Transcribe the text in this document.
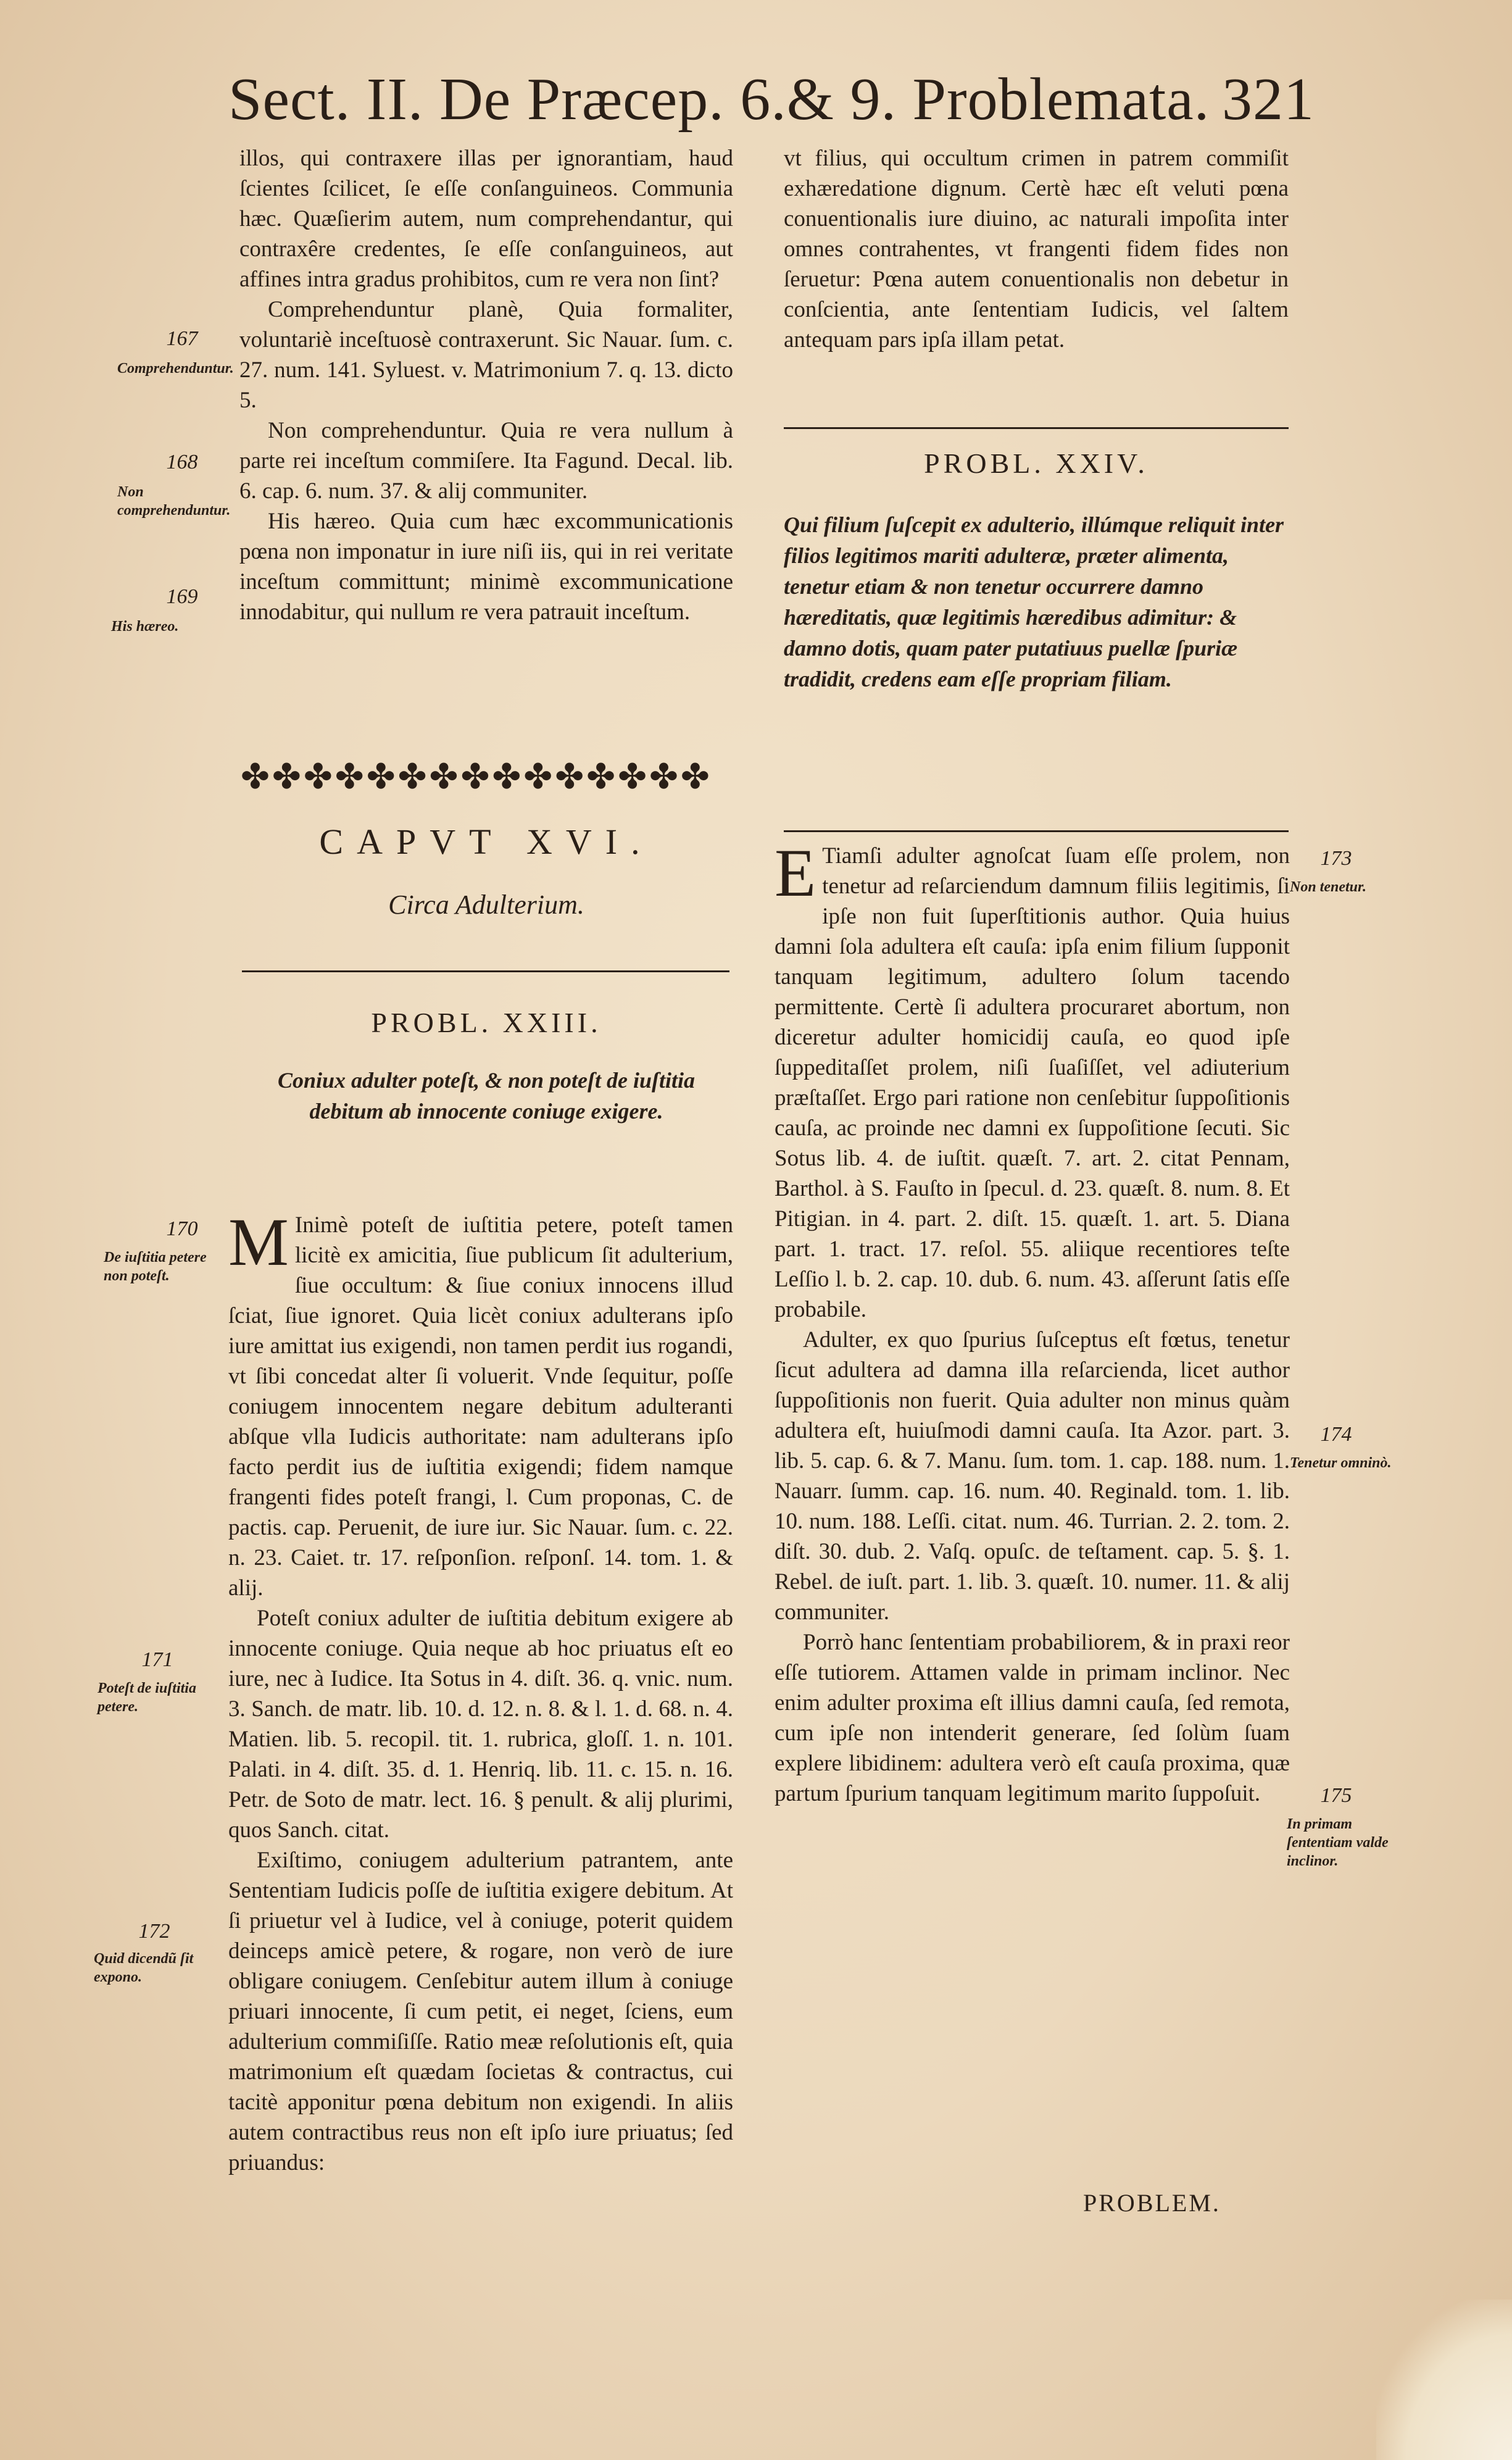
Sect. II. De Præcep. 6.& 9. Problemata. 321

illos, qui contraxere illas per ignorantiam, haud ſcientes ſcilicet, ſe eſſe conſanguineos. Communia hæc. Quæſierim autem, num comprehendantur, qui contraxêre credentes, ſe eſſe conſanguineos, aut affines intra gradus prohibitos, cum re vera non ſint?

Comprehenduntur planè, Quia formaliter, voluntariè inceſtuosè contraxerunt. Sic Nauar. ſum. c. 27. num. 141. Syluest. v. Matrimonium 7. q. 13. dicto 5.

Non comprehenduntur. Quia re vera nullum à parte rei inceſtum commiſere. Ita Fagund. Decal. lib. 6. cap. 6. num. 37. & alij communiter.

His hæreo. Quia cum hæc excommunicationis pœna non imponatur in iure niſi iis, qui in rei veritate inceſtum committunt; minimè excommunicatione innodabitur, qui nullum re vera patrauit inceſtum.

✤✤✤✤✤✤✤✤✤✤✤✤✤✤✤
CAPVT XVI.
Circa Adulterium.
PROBL. XXIII.
Coniux adulter poteſt, & non poteſt de iuſtitia debitum ab innocente coniuge exigere.

M Inimè poteſt de iuſtitia petere, poteſt tamen licitè ex amicitia, ſiue publicum ſit adulterium, ſiue occultum: & ſiue coniux innocens illud ſciat, ſiue ignoret. Quia licèt coniux adulterans ipſo iure amittat ius exigendi, non tamen perdit ius rogandi, vt ſibi concedat alter ſi voluerit. Vnde ſequitur, poſſe coniugem innocentem negare debitum adulteranti abſque vlla Iudicis authoritate: nam adulterans ipſo facto perdit ius de iuſtitia exigendi; fidem namque frangenti fides poteſt frangi, l. Cum proponas, C. de pactis. cap. Peruenit, de iure iur. Sic Nauar. ſum. c. 22. n. 23. Caiet. tr. 17. reſponſion. reſponſ. 14. tom. 1. & alij.

Poteſt coniux adulter de iuſtitia debitum exigere ab innocente coniuge. Quia neque ab hoc priuatus eſt eo iure, nec à Iudice. Ita Sotus in 4. diſt. 36. q. vnic. num. 3. Sanch. de matr. lib. 10. d. 12. n. 8. & l. 1. d. 68. n. 4. Matien. lib. 5. recopil. tit. 1. rubrica, gloſſ. 1. n. 101. Palati. in 4. diſt. 35. d. 1. Henriq. lib. 11. c. 15. n. 16. Petr. de Soto de matr. lect. 16. § penult. & alij plurimi, quos Sanch. citat.

Exiſtimo, coniugem adulterium patrantem, ante Sententiam Iudicis poſſe de iuſtitia exigere debitum. At ſi priuetur vel à Iudice, vel à coniuge, poterit quidem deinceps amicè petere, & rogare, non verò de iure obligare coniugem. Cenſebitur autem illum à coniuge priuari innocente, ſi cum petit, ei neget, ſciens, eum adulterium commiſiſſe. Ratio meæ reſolutionis eſt, quia matrimonium eſt quædam ſocietas & contractus, cui tacitè apponitur pœna debitum non exigendi. In aliis autem contractibus reus non eſt ipſo iure priuatus; ſed priuandus:

167
Comprehenduntur.
168
Non comprehenduntur.
169
His hæreo.
170
De iuſtitia petere non poteſt.
171
Poteſt de iuſtitia petere.
172
Quid dicendũ ſit expono.

vt filius, qui occultum crimen in patrem commiſit exhæredatione dignum. Certè hæc eſt veluti pœna conuentionalis iure diuino, ac naturali impoſita inter omnes contrahentes, vt frangenti fidem fides non ſeruetur: Pœna autem conuentionalis non debetur in conſcientia, ante ſententiam Iudicis, vel ſaltem antequam pars ipſa illam petat.

PROBL. XXIV.
Qui filium ſuſcepit ex adulterio, illúmque reliquit inter filios legitimos mariti adulteræ, præter alimenta, tenetur etiam & non tenetur occurrere damno hæreditatis, quæ legitimis hæredibus adimitur: & damno dotis, quam pater putatiuus puellæ ſpuriæ tradidit, credens eam eſſe propriam filiam.

E Tiamſi adulter agnoſcat ſuam eſſe prolem, non tenetur ad reſarciendum damnum filiis legitimis, ſi ipſe non fuit ſuperſtitionis author. Quia huius damni ſola adultera eſt cauſa: ipſa enim filium ſupponit tanquam legitimum, adultero ſolum tacendo permittente. Certè ſi adultera procuraret abortum, non diceretur adulter homicidij cauſa, eo quod ipſe ſuppeditaſſet prolem, niſi ſuaſiſſet, vel adiuterium præſtaſſet. Ergo pari ratione non cenſebitur ſuppoſitionis cauſa, ac proinde nec damni ex ſuppoſitione ſecuti. Sic Sotus lib. 4. de iuſtit. quæſt. 7. art. 2. citat Pennam, Barthol. à S. Fauſto in ſpecul. d. 23. quæſt. 8. num. 8. Et Pitigian. in 4. part. 2. diſt. 15. quæſt. 1. art. 5. Diana part. 1. tract. 17. reſol. 55. aliique recentiores teſte Leſſio l. b. 2. cap. 10. dub. 6. num. 43. aſſerunt ſatis eſſe probabile.

Adulter, ex quo ſpurius ſuſceptus eſt fœtus, tenetur ſicut adultera ad damna illa reſarcienda, licet author ſuppoſitionis non fuerit. Quia adulter non minus quàm adultera eſt, huiuſmodi damni cauſa. Ita Azor. part. 3. lib. 5. cap. 6. & 7. Manu. ſum. tom. 1. cap. 188. num. 1. Nauarr. ſumm. cap. 16. num. 40. Reginald. tom. 1. lib. 10. num. 188. Leſſi. citat. num. 46. Turrian. 2. 2. tom. 2. diſt. 30. dub. 2. Vaſq. opuſc. de teſtament. cap. 5. §. 1. Rebel. de iuſt. part. 1. lib. 3. quæſt. 10. numer. 11. & alij communiter.

Porrò hanc ſententiam probabiliorem, & in praxi reor eſſe tutiorem. Attamen valde in primam inclinor. Nec enim adulter proxima eſt illius damni cauſa, ſed remota, cum ipſe non intenderit generare, ſed ſolùm ſuam explere libidinem: adultera verò eſt cauſa proxima, quæ partum ſpurium tanquam legitimum marito ſuppoſuit.

173
Non tenetur.
174
Tenetur omninò.
175
In primam ſententiam valde inclinor.
PROBLEM.
